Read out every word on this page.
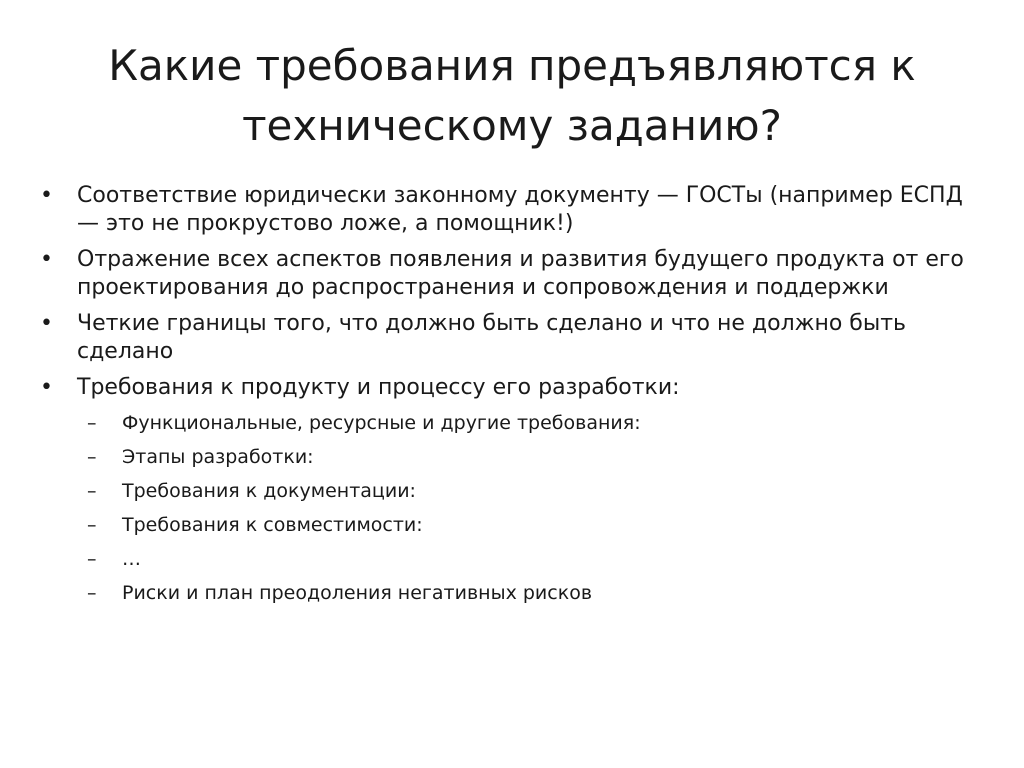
Какие требования предъявляются к техническому заданию?
•	Соответствие юридически законному документу — ГОСТы (например ЕСПД — это не прокрустово ложе, а помощник!)
•	Отражение всех аспектов появления и развития будущего продукта от его проектирования до распространения и сопровождения и поддержки
•	Четкие границы того, что должно быть сделано и что не должно быть сделано
•	Требования к продукту и процессу его разработки:
–	Функциональные, ресурсные и другие требования:
–	Этапы разработки:
–	Требования к документации:
–	Требования к совместимости:
–	…
–	Риски и план преодоления негативных рисков
